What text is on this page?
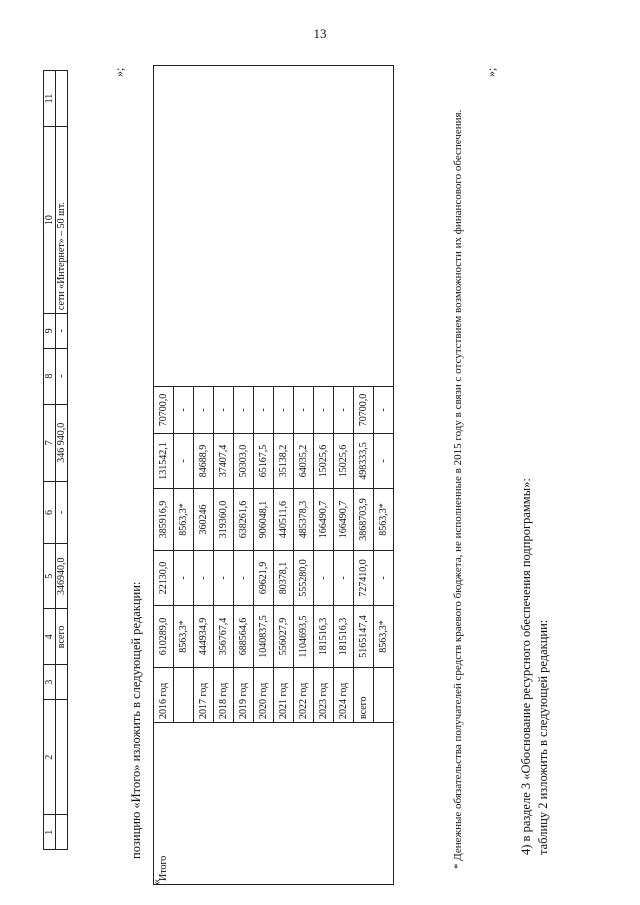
13
1	2	3	4	5	6	7	8	9	10	11
			всего	346940,0	-	346 940,0	-	-	сети «Интернет» – 50 шт.	
»;
позицию «Итого» изложить в следующей редакции:
«
Итого	2016 год	610289,0	22130,0	385916,9	131542,1	70700,0	
		8563,3*	-	8563,3*	-	-	
	2017 год	444934,9	-	360246	84688,9	-	
	2018 год	356767,4	-	319360,0	37407,4	-	
	2019 год	688564,6	-	638261,6	50303,0	-	
	2020 год	1040837,5	69621,9	906048,1	65167,5	-	
	2021 год	556027,9	80378,1	440511,6	35138,2	-	
	2022 год	1104693,5	555280,0	485378,3	64035,2	-	
	2023 год	181516,3	-	166490,7	15025,6	-	
	2024 год	181516,3	-	166490,7	15025,6	-	
	всего	5165147,4	727410,0	3868703,9	498333,5	70700,0	
		8563,3*	-	8563,3*	-	-		* Денежные обязательства получателей средств краевого бюджета, не исполненные в 2015 году в связи с отсутствием возможности их финансового обеспечения.
»;
4) в разделе 3 «Обоснование ресурсного обеспечения подпрограммы»: таблицу 2 изложить в следующей редакции:
